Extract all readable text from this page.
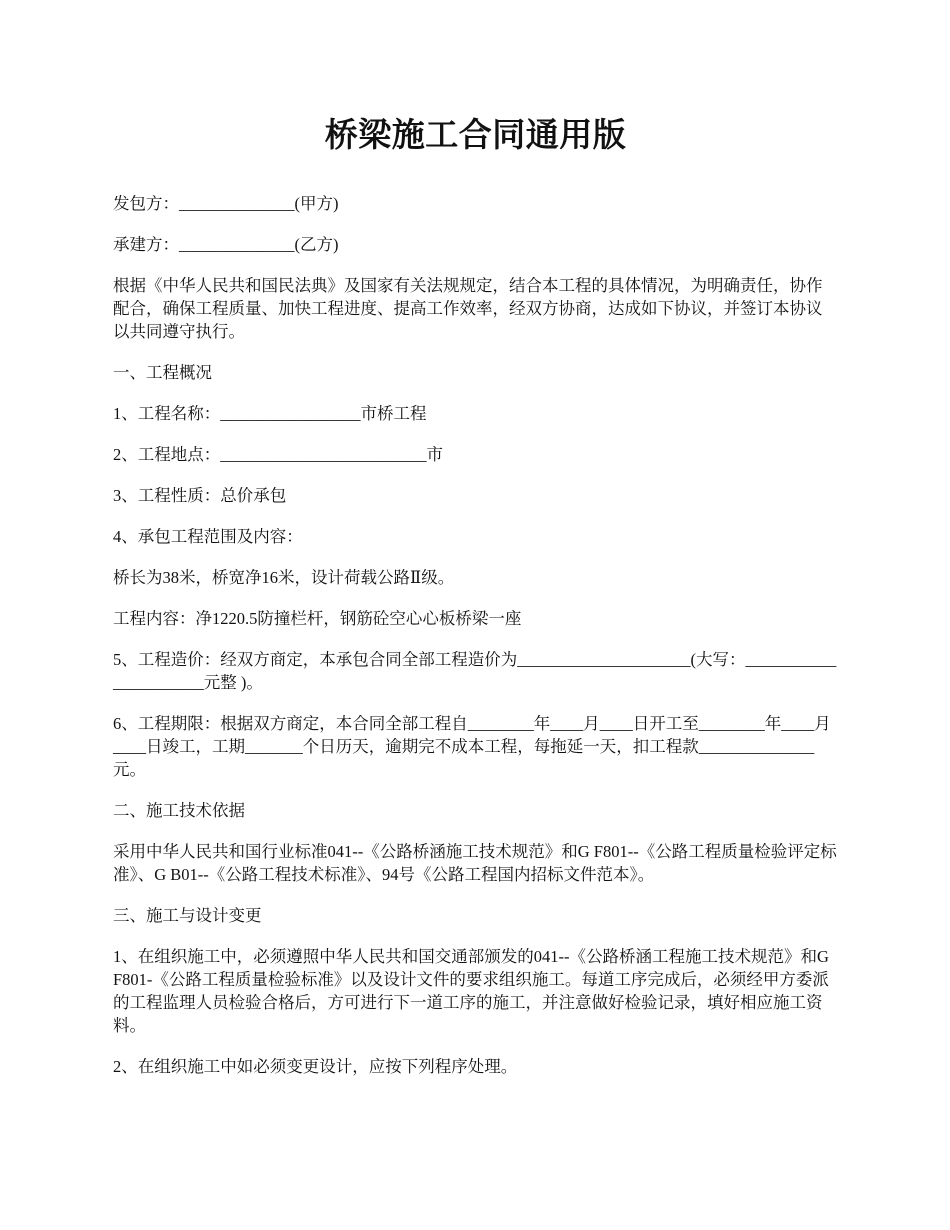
桥梁施工合同通用版

发包方：______________(甲方)

承建方：______________(乙方)

根据《中华人民共和国民法典》及国家有关法规规定，结合本工程的具体情况，为明确责任，协作配合，确保工程质量、加快工程进度、提高工作效率，经双方协商，达成如下协议，并签订本协议以共同遵守执行。

一、工程概况

1、工程名称：_________________市桥工程

2、工程地点：_________________________市

3、工程性质：总价承包

4、承包工程范围及内容：

桥长为38米，桥宽净16米，设计荷载公路Ⅱ级。

工程内容：净1220.5防撞栏杆，钢筋砼空心心板桥梁一座

5、工程造价：经双方商定，本承包合同全部工程造价为_____________________(大写：______________________元整 )。

6、工程期限：根据双方商定，本合同全部工程自________年____月____日开工至________年____月____日竣工，工期_______个日历天，逾期完不成本工程，每拖延一天，扣工程款______________元。

二、施工技术依据

采用中华人民共和国行业标准041--《公路桥涵施工技术规范》和G F801--《公路工程质量检验评定标准》、G B01--《公路工程技术标准》、94号《公路工程国内招标文件范本》。

三、施工与设计变更

1、在组织施工中，必须遵照中华人民共和国交通部颁发的041--《公路桥涵工程施工技术规范》和G F801-《公路工程质量检验标准》以及设计文件的要求组织施工。每道工序完成后，必须经甲方委派的工程监理人员检验合格后，方可进行下一道工序的施工，并注意做好检验记录，填好相应施工资料。

2、在组织施工中如必须变更设计，应按下列程序处理。
